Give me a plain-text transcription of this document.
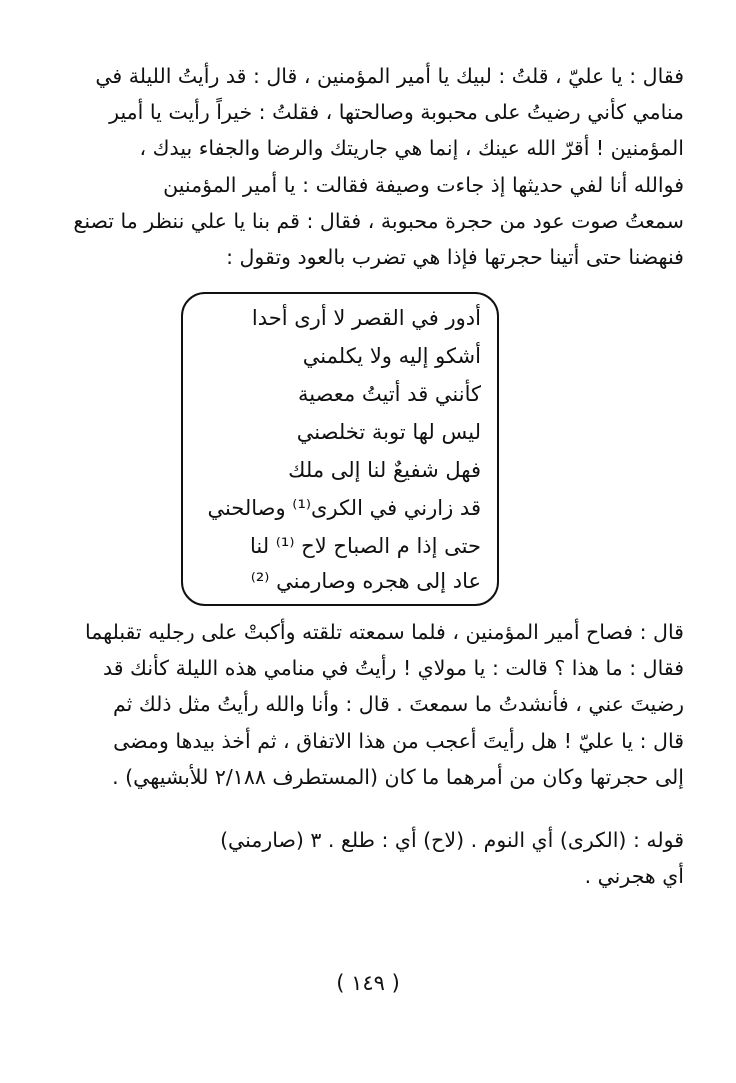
فقال : يا عليّ ، قلتُ : لبيك يا أمير المؤمنين ، قال : قد رأيتُ الليلة في

منامي كأني رضيتُ على محبوبة وصالحتها ، فقلتُ : خيراً رأيت يا أمير

المؤمنين ! أقرّ الله عينك ، إنما هي جاريتك والرضا والجفاء بيدك ،

فوالله أنا لفي حديثها إذ جاءت وصيفة فقالت : يا أمير المؤمنين

سمعتُ صوت عود من حجرة محبوبة ، فقال : قم بنا يا علي ننظر ما تصنع

فنهضنا حتى أتينا حجرتها فإذا هي تضرب بالعود وتقول :

أدور في القصر لا أرى أحدا
أشكو إليه ولا يكلمني
كأنني قد أتيتُ معصية
ليس لها توبة تخلصني
فهل شفيعٌ لنا إلى ملك
قد زارني في الكرى⁽¹⁾ وصالحني
حتى إذا م الصباح لاح ⁽¹⁾ لنا
عاد إلى هجره وصارمني ⁽²⁾

قال : فصاح أمير المؤمنين ، فلما سمعته تلقته وأكبتْ على رجليه تقبلهما

فقال : ما هذا ؟ قالت : يا مولاي ! رأيتُ في منامي هذه الليلة كأنك قد

رضيتَ عني ، فأنشدتُ ما سمعتَ . قال : وأنا والله رأيتُ مثل ذلك ثم

قال : يا عليّ ! هل رأيتَ أعجب من هذا الاتفاق ، ثم أخذ بيدها ومضى

إلى حجرتها وكان من أمرهما ما كان (المستطرف ٢/١٨٨ للأبشيهي) .

قوله : (الكرى) أي النوم . (لاح) أي : طلع . ٣ (صارمني)

أي هجرني .

( ١٤٩ )
